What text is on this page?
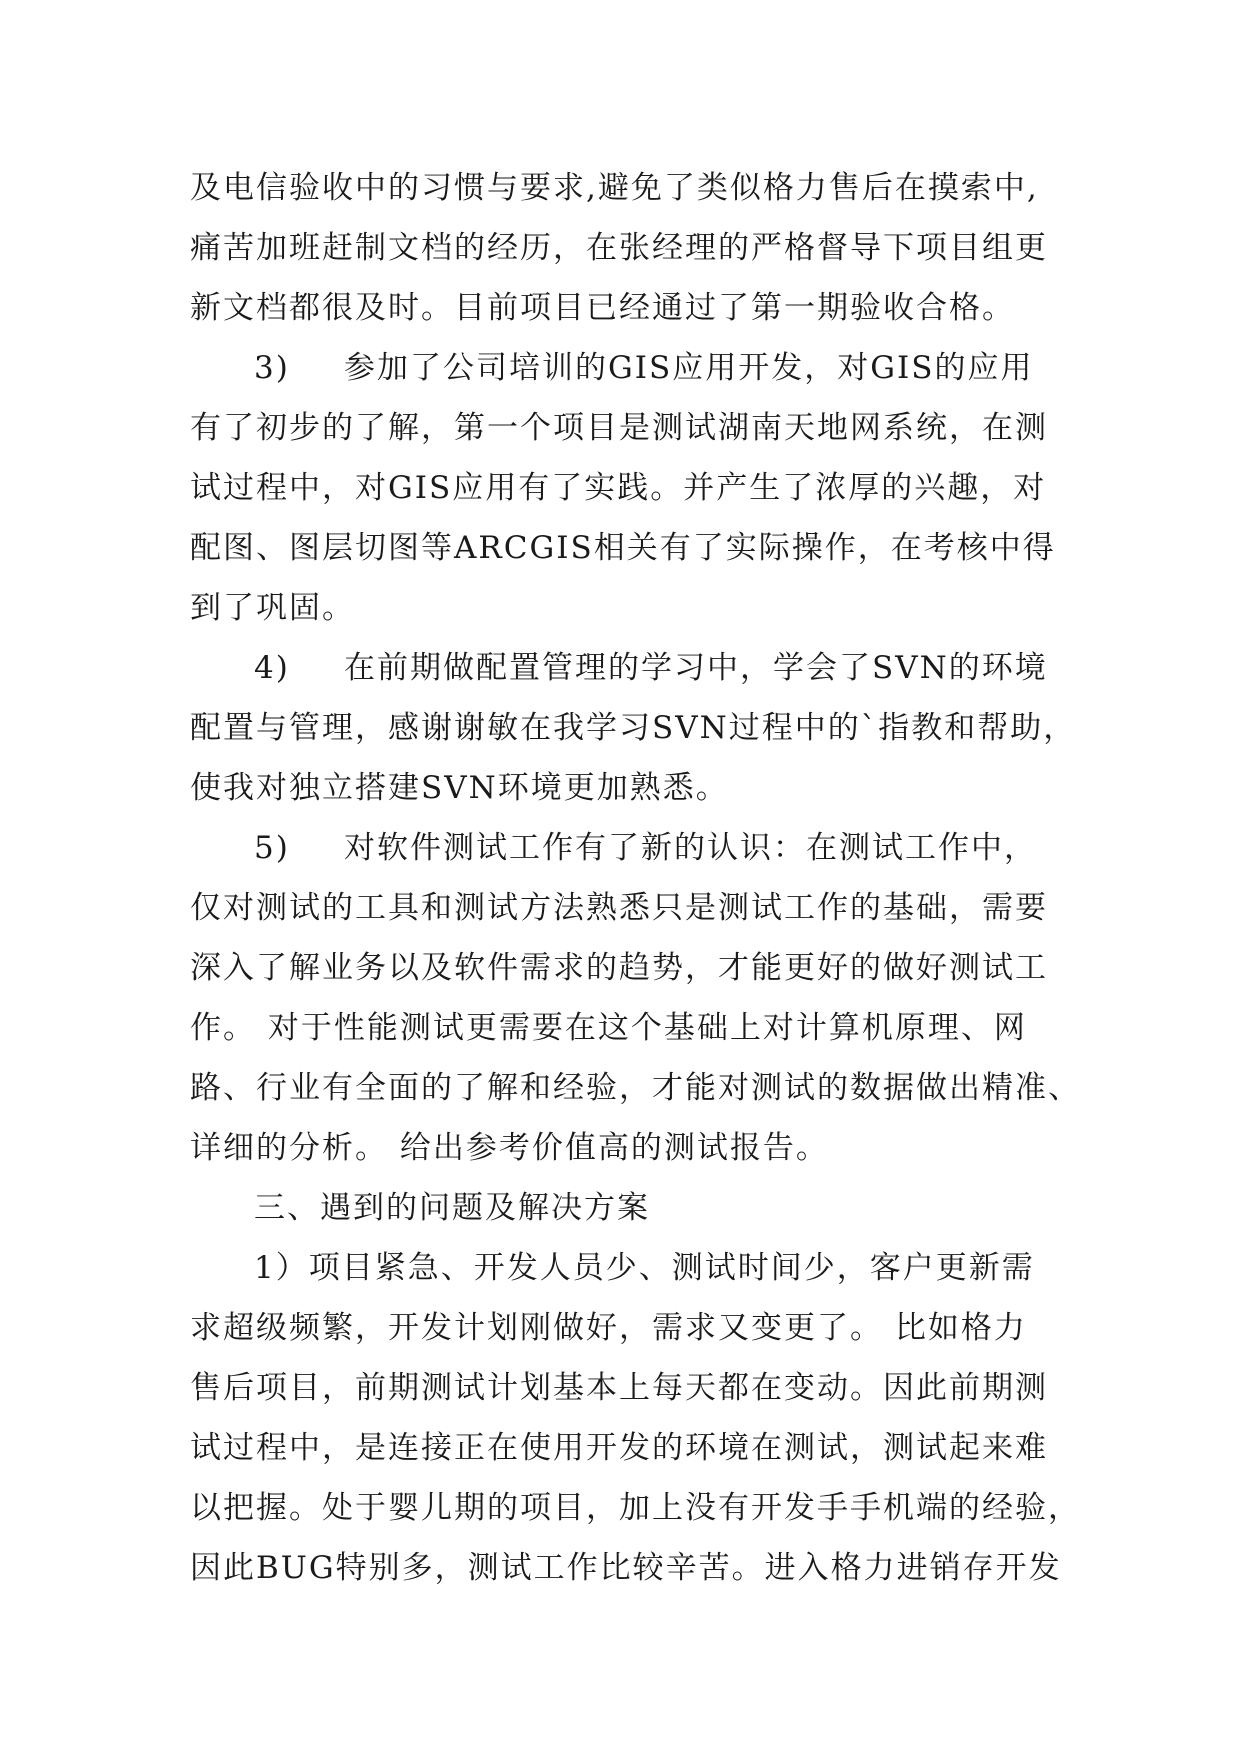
及电信验收中的习惯与要求,避免了类似格力售后在摸索中,
痛苦加班赶制文档的经历，在张经理的严格督导下项目组更
新文档都很及时。目前项目已经通过了第一期验收合格。
3) 参加了公司培训的GIS应用开发，对GIS的应用
有了初步的了解，第一个项目是测试湖南天地网系统，在测
试过程中，对GIS应用有了实践。并产生了浓厚的兴趣，对
配图、图层切图等ARCGIS相关有了实际操作，在考核中得
到了巩固。
4) 在前期做配置管理的学习中，学会了SVN的环境
配置与管理，感谢谢敏在我学习SVN过程中的`指教和帮助，
使我对独立搭建SVN环境更加熟悉。
5) 对软件测试工作有了新的认识：在测试工作中，
仅对测试的工具和测试方法熟悉只是测试工作的基础，需要
深入了解业务以及软件需求的趋势，才能更好的做好测试工
作。 对于性能测试更需要在这个基础上对计算机原理、网
路、行业有全面的了解和经验，才能对测试的数据做出精准、
详细的分析。 给出参考价值高的测试报告。
三、遇到的问题及解决方案
1）项目紧急、开发人员少、测试时间少，客户更新需
求超级频繁，开发计划刚做好，需求又变更了。 比如格力
售后项目，前期测试计划基本上每天都在变动。因此前期测
试过程中，是连接正在使用开发的环境在测试，测试起来难
以把握。处于婴儿期的项目，加上没有开发手手机端的经验，
因此BUG特别多，测试工作比较辛苦。进入格力进销存开发
